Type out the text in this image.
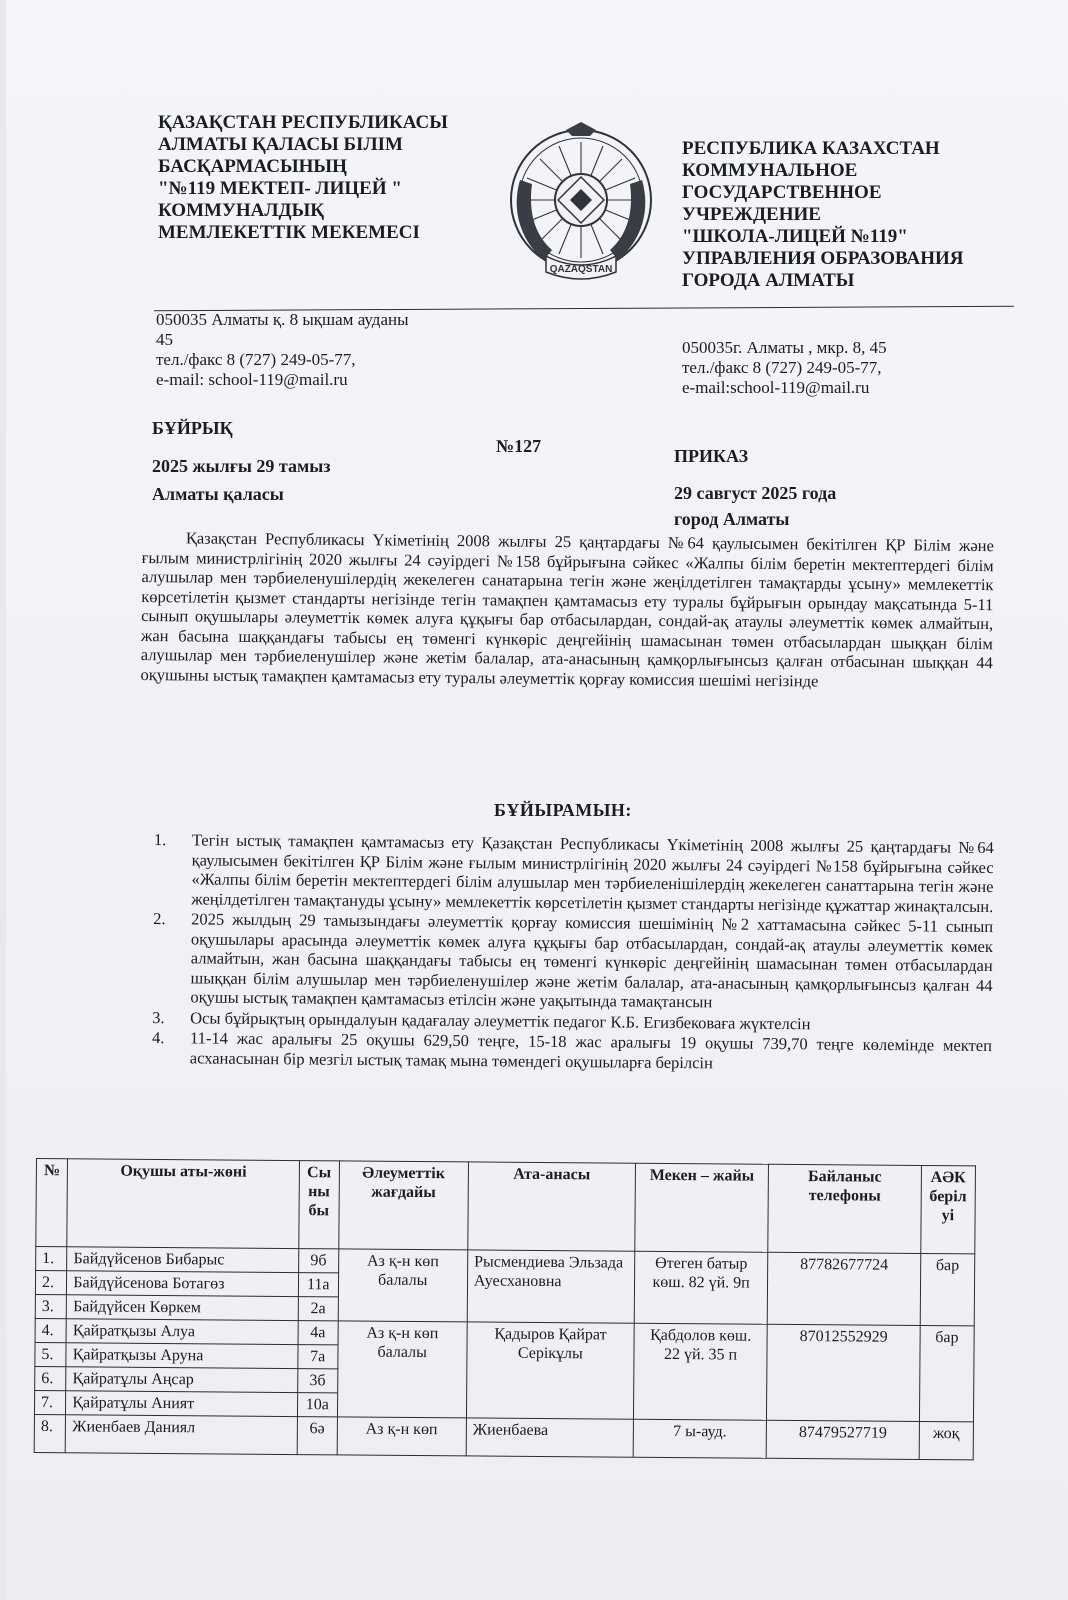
ҚАЗАҚСТАН РЕСПУБЛИКАСЫ
АЛМАТЫ ҚАЛАСЫ БІЛІМ
БАСҚАРМАСЫНЫҢ
"№119 МЕКТЕП- ЛИЦЕЙ "
КОММУНАЛДЫҚ
МЕМЛЕКЕТТІК МЕКЕМЕСІ
QAZAQSTAN
РЕСПУБЛИКА КАЗАХСТАН
КОММУНАЛЬНОЕ
ГОСУДАРСТВЕННОЕ
УЧРЕЖДЕНИЕ
"ШКОЛА-ЛИЦЕЙ №119"
УПРАВЛЕНИЯ ОБРАЗОВАНИЯ
ГОРОДА АЛМАТЫ
050035 Алматы қ. 8 ықшам ауданы
45
тел./факс 8 (727) 249-05-77,
e-mail: school-119@mail.ru
050035г. Алматы , мкр. 8, 45
тел./факс 8 (727) 249-05-77,
e-mail:school-119@mail.ru
БҰЙРЫҚ
№127	ПРИКАЗ
2025 жылғы 29 тамыз
Алматы қаласы	29 савгуст 2025 года
город Алматы

Қазақстан Республикасы Үкіметінің 2008 жылғы 25 қаңтардағы №64 қаулысымен бекітілген ҚР Білім және ғылым министрлігінің 2020 жылғы 24 сәуірдегі №158 бұйрығына сәйкес «Жалпы білім беретін мектептердегі білім алушылар мен тәрбиеленушілердің жекелеген санатарына тегін және жеңілдетілген тамақтарды ұсыну» мемлекеттік көрсетілетін қызмет стандарты негізінде тегін тамақпен қамтамасыз ету туралы бұйрығын орындау мақсатында 5-11 сынып оқушылары әлеуметтік көмек алуға құқығы бар отбасылардан, сондай-ақ атаулы әлеуметтік көмек алмайтын, жан басына шаққандағы табысы ең төменгі күнкөріс деңгейінің шамасынан төмен отбасылардан шыққан білім алушылар мен тәрбиеленушілер және жетім балалар, ата-анасының қамқорлығынсыз қалған отбасынан шыққан 44 оқушыны ыстық тамақпен қамтамасыз ету туралы әлеуметтік қорғау комиссия шешімі негізінде

БҰЙЫРАМЫН:
1.	Тегін ыстық тамақпен қамтамасыз ету Қазақстан Республикасы Үкіметінің 2008 жылғы 25 қаңтардағы №64 қаулысымен бекітілген ҚР Білім және ғылым министрлігінің 2020 жылғы 24 сәуірдегі №158 бұйрығына сәйкес «Жалпы білім беретін мектептердегі білім алушылар мен тәрбиеленішілердің жекелеген санаттарына тегін және жеңілдетілген тамақтануды ұсыну» мемлекеттік көрсетілетін қызмет стандарты негізінде құжаттар жинақталсын.
2.	2025 жылдың 29 тамызындағы әлеуметтік қорғау комиссия шешімінің №2 хаттамасына сәйкес 5-11 сынып оқушылары арасында әлеуметтік көмек алуға құқығы бар отбасылардан, сондай-ақ атаулы әлеуметтік көмек алмайтын, жан басына шаққандағы табысы ең төменгі күнкөріс деңгейінің шамасынан төмен отбасылардан шыққан білім алушылар мен тәрбиеленушілер және жетім балалар, ата-анасының қамқорлығынсыз қалған 44 оқушы ыстық тамақпен қамтамасыз етілсін және уақытында тамақтансын
3.	Осы бұйрықтың орындалуын қадағалау әлеуметтік педагог К.Б. Егизбековаға жүктелсін
4.	11-14 жас аралығы 25 оқушы 629,50 теңге, 15-18 жас аралығы 19 оқушы 739,70 теңге көлемінде мектеп асханасынан бір мезгіл ыстық тамақ мына төмендегі оқушыларға берілсін
№	Оқушы аты-жөні	Сыныбы	Әлеуметтік жағдайы	Ата-анасы	Мекен – жайы	Байланыс телефоны	АӘК берілуі
1.	Байдүйсенов Бибарыс	9б	Аз қ-н көп балалы	Рысмендиева Эльзада Ауесхановна	Өтеген батыр көш. 82 үй. 9п	87782677724	бар
2.	Байдүйсенова Ботагөз	11а					
3.	Байдүйсен Көркем	2а					
4.	Қайратқызы Алуа	4а	Аз қ-н көп балалы	Қадыров Қайрат Серікұлы	Қабдолов көш. 22 үй. 35 п	87012552929	бар
5.	Қайратқызы Аруна	7а					
6.	Қайратұлы Аңсар	3б					
7.	Қайратұлы Аният	10а					
8.	Жиенбаев Даниял	6ә	Аз қ-н көп	Жиенбаева	7 ы-ауд.	87479527719	жоқ
